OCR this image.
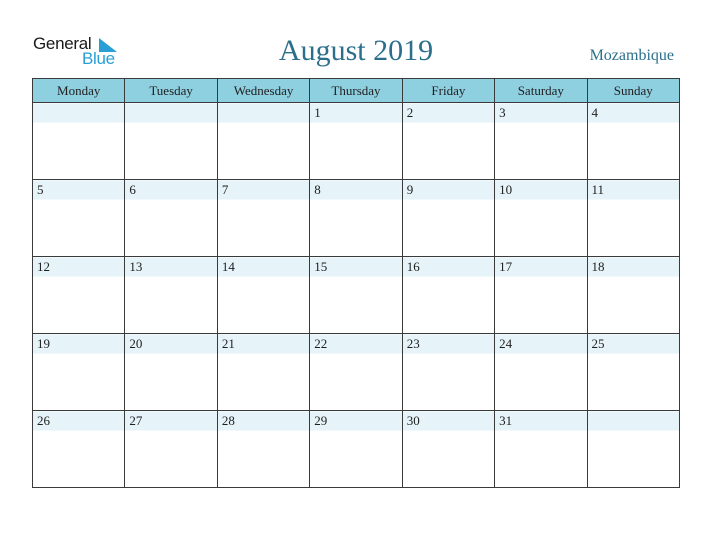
General
Blue	August 2019	Mozambique
Monday	Tuesday	Wednesday	Thursday	Friday	Saturday	Sunday

			1	2	3	4

5	6	7	8	9	10	11

12	13	14	15	16	17	18

19	20	21	22	23	24	25

26	27	28	29	30	31	
